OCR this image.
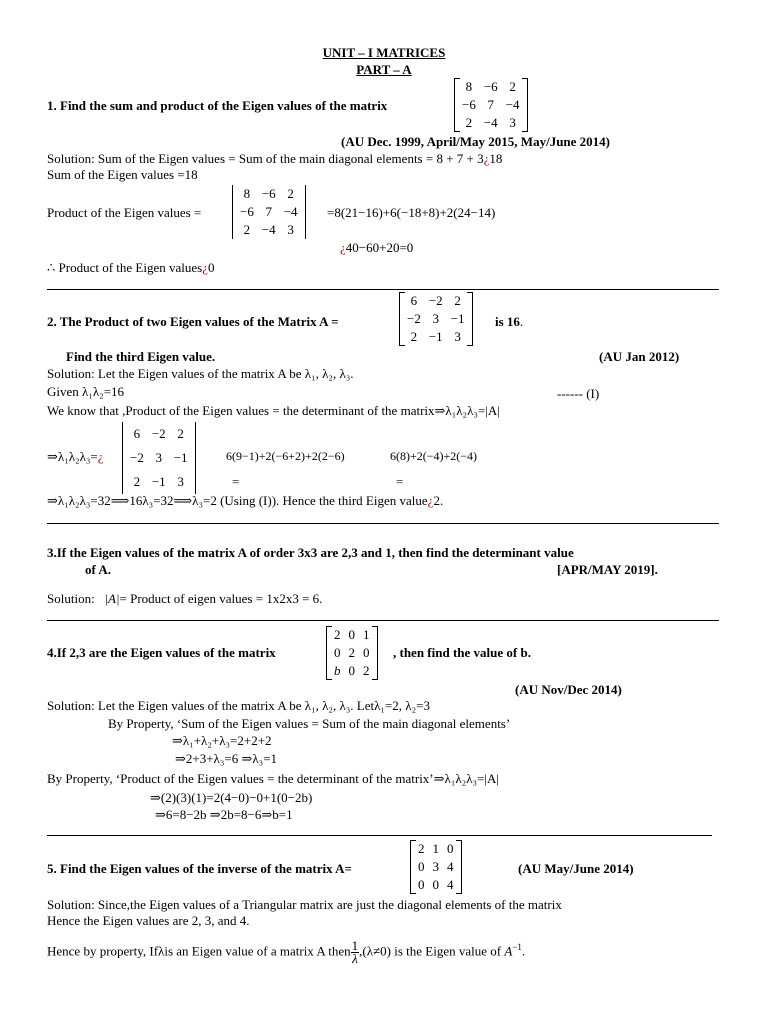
UNIT – I MATRICES
PART – A
1. Find the sum and product of the Eigen values of the matrix
8	−6	2
−6	7	−4
2	−4	3
(AU Dec. 1999, April/May 2015, May/June 2014)
Solution: Sum of the Eigen values = Sum of the main diagonal elements = 8 + 7 + 3¿18
Sum of the Eigen values =18
Product of the Eigen values =
8	−6	2
−6	7	−4
2	−4	3
=8(21−16)+6(−18+8)+2(24−14)
¿40−60+20=0
∴ Product of the Eigen values¿0
2. The Product of two Eigen values of the Matrix A =
6	−2	2
−2	3	−1
2	−1	3
is 16.
Find the third Eigen value.	(AU Jan 2012)
Solution: Let the Eigen values of the matrix A be λ₁, λ₂, λ₃.
Given λ₁λ₂=16	------ (I)
We know that ,Product of the Eigen values = the determinant of the matrix⇒λ₁λ₂λ₃=|A|
⇒λ₁λ₂λ₃=¿
6	−2	2
−2	3	−1
2	−1	3
6(9−1)+2(−6+2)+2(2−6)	6(8)+2(−4)+2(−4)
=	=
⇒λ₁λ₂λ₃=32⟹16λ₃=32⟹λ₃=2 (Using (I)). Hence the third Eigen value¿2.
3.If the Eigen values of the matrix A of order 3x3 are 2,3 and 1, then find the determinant value
of A.	[APR/MAY 2019].
Solution: |A|= Product of eigen values = 1x2x3 = 6.
4.If 2,3 are the Eigen values of the matrix
2	0	1
0	2	0
b	0	2
, then find the value of b.
(AU Nov/Dec 2014)
Solution: Let the Eigen values of the matrix A be λ₁, λ₂, λ₃. Letλ₁=2, λ₂=3
By Property, ‘Sum of the Eigen values = Sum of the main diagonal elements’
⇒λ₁+λ₂+λ₃=2+2+2
⇒2+3+λ₃=6 ⇒λ₃=1
By Property, ‘Product of the Eigen values = the determinant of the matrix’⇒λ₁λ₂λ₃=|A|
⇒(2)(3)(1)=2(4−0)−0+1(0−2b)
⇒6=8−2b ⇒2b=8−6⇒b=1
5. Find the Eigen values of the inverse of the matrix A=
2	1	0
0	3	4
0	0	4
(AU May/June 2014)
Solution: Since,the Eigen values of a Triangular matrix are just the diagonal elements of the matrix
Hence the Eigen values are 2, 3, and 4.
Hence by property, Ifλis an Eigen value of a matrix A then $\frac{1}{\lambda} ,(\lambda\ne 0)$ is the Eigen value of $A^{-1}$.
